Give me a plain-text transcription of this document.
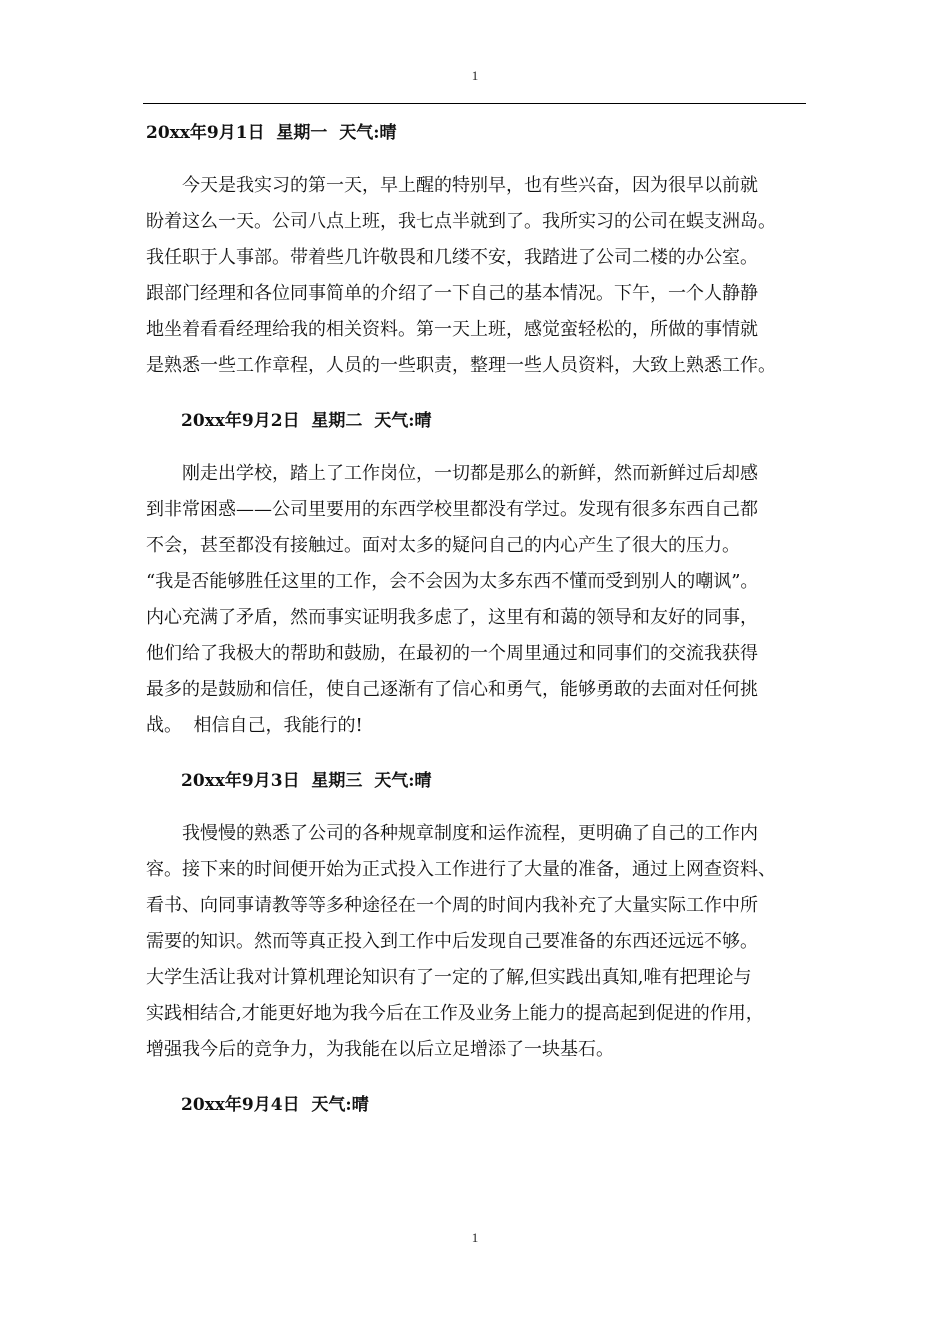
1
20xx年9月1日  星期一  天气:晴
今天是我实习的第一天，早上醒的特别早，也有些兴奋，因为很早以前就
盼着这么一天。公司八点上班，我七点半就到了。我所实习的公司在蜈支洲岛。
我任职于人事部。带着些几许敬畏和几缕不安，我踏进了公司二楼的办公室。
跟部门经理和各位同事简单的介绍了一下自己的基本情况。下午，一个人静静
地坐着看看经理给我的相关资料。第一天上班，感觉蛮轻松的，所做的事情就
是熟悉一些工作章程，人员的一些职责，整理一些人员资料，大致上熟悉工作。
20xx年9月2日  星期二  天气:晴
刚走出学校，踏上了工作岗位，一切都是那么的新鲜，然而新鲜过后却感
到非常困惑——公司里要用的东西学校里都没有学过。发现有很多东西自己都
不会，甚至都没有接触过。面对太多的疑问自己的内心产生了很大的压力。
“我是否能够胜任这里的工作，会不会因为太多东西不懂而受到别人的嘲讽”。
内心充满了矛盾，然而事实证明我多虑了，这里有和蔼的领导和友好的同事，
他们给了我极大的帮助和鼓励，在最初的一个周里通过和同事们的交流我获得
最多的是鼓励和信任，使自己逐渐有了信心和勇气，能够勇敢的去面对任何挑
战。  相信自己，我能行的!
20xx年9月3日  星期三  天气:晴
我慢慢的熟悉了公司的各种规章制度和运作流程，更明确了自己的工作内
容。接下来的时间便开始为正式投入工作进行了大量的准备，通过上网查资料、
看书、向同事请教等等多种途径在一个周的时间内我补充了大量实际工作中所
需要的知识。然而等真正投入到工作中后发现自己要准备的东西还远远不够。
大学生活让我对计算机理论知识有了一定的了解,但实践出真知,唯有把理论与
实践相结合,才能更好地为我今后在工作及业务上能力的提高起到促进的作用，
增强我今后的竞争力，为我能在以后立足增添了一块基石。
20xx年9月4日  天气:晴
1
